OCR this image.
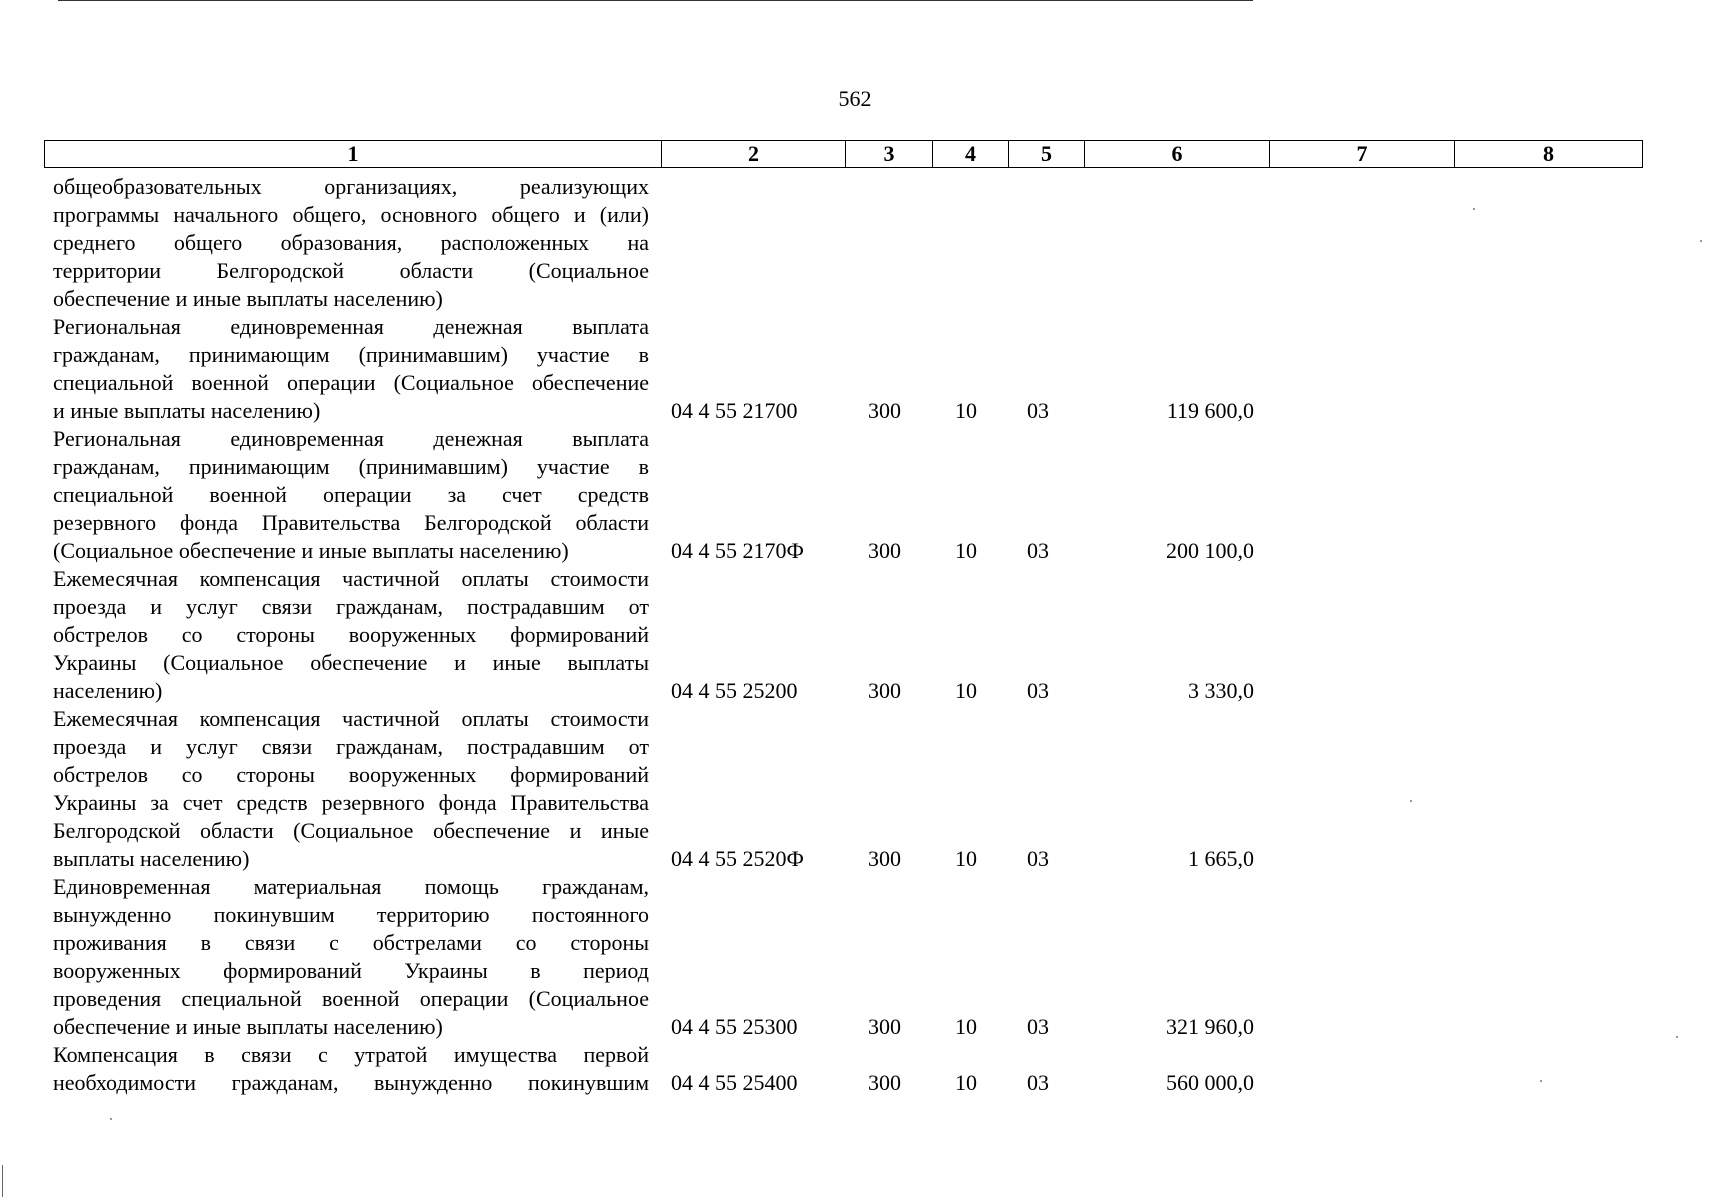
562
1	2	3	4	5	6	7	8
общеобразовательных организациях, реализующих
программы начального общего, основного общего и (или)
среднего общего образования, расположенных на
территории Белгородской области (Социальное
обеспечение и иные выплаты населению)
Региональная единовременная денежная выплата
гражданам, принимающим (принимавшим) участие в
специальной военной операции (Социальное обеспечение
и иные выплаты населению)	04 4 55 21700	300 10 03	119 600,0
Региональная единовременная денежная выплата
гражданам, принимающим (принимавшим) участие в
специальной военной операции за счет средств
резервного фонда Правительства Белгородской области
(Социальное обеспечение и иные выплаты населению)	04 4 55 2170Ф	300 10 03	200 100,0
Ежемесячная компенсация частичной оплаты стоимости
проезда и услуг связи гражданам, пострадавшим от
обстрелов со стороны вооруженных формирований
Украины (Социальное обеспечение и иные выплаты
населению)	04 4 55 25200	300 10 03	3 330,0
Ежемесячная компенсация частичной оплаты стоимости
проезда и услуг связи гражданам, пострадавшим от
обстрелов со стороны вооруженных формирований
Украины за счет средств резервного фонда Правительства
Белгородской области (Социальное обеспечение и иные
выплаты населению)	04 4 55 2520Ф	300 10 03	1 665,0
Единовременная материальная помощь гражданам,
вынужденно покинувшим территорию постоянного
проживания в связи с обстрелами со стороны
вооруженных формирований Украины в период
проведения специальной военной операции (Социальное
обеспечение и иные выплаты населению)	04 4 55 25300	300 10 03	321 960,0
Компенсация в связи с утратой имущества первой
необходимости гражданам, вынужденно покинувшим 04 4 55 25400	300 10 03	560 000,0
